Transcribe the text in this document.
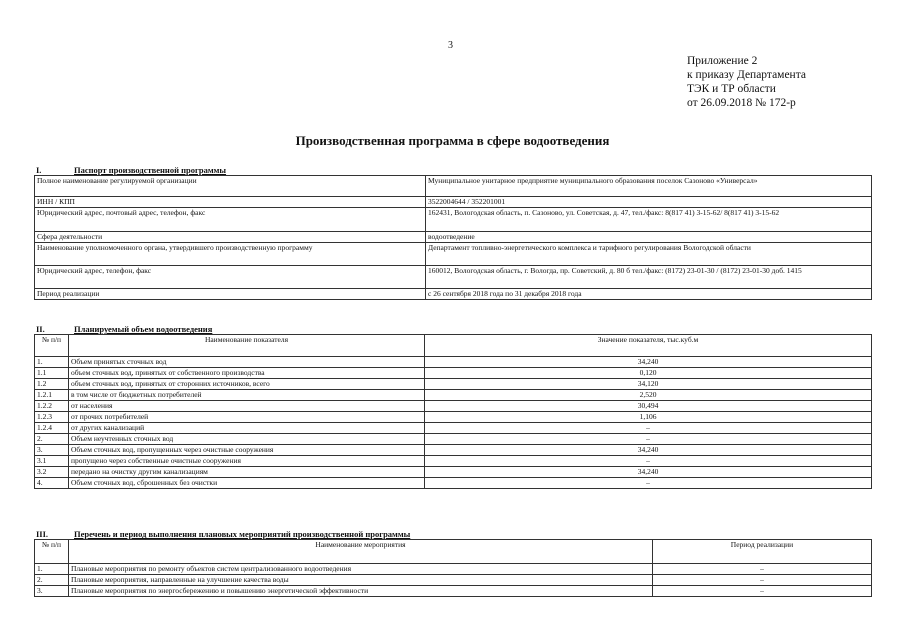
3
Приложение 2
к приказу Департамента
ТЭК и ТР области
от 26.09.2018 № 172-р
Производственная программа в сфере водоотведения
I.	Паспорт производственной программы
Полное наименование регулируемой организации	Муниципальное унитарное предприятие муниципального образования поселок Сазоново «Универсал»
ИНН / КПП	3522004644 / 352201001
Юридический адрес, почтовый адрес, телефон, факс	162431, Вологодская область, п. Сазоново, ул. Советская, д. 47, тел./факс: 8(817 41) 3-15-62/ 8(817 41) 3-15-62
Сфера деятельности	водоотведение
Наименование уполномоченного органа, утвердившего производственную программу	Департамент топливно-энергетического комплекса и тарифного регулирования Вологодской области
Юридический адрес, телефон, факс	160012, Вологодская область, г. Вологда, пр. Советский, д. 80 б тел./факс: (8172) 23-01-30 / (8172) 23-01-30 доб. 1415
Период реализации	с 26 сентября 2018 года по 31 декабря 2018 года
II.	Планируемый объем водоотведения
№ п/п	Наименование показателя	Значение показателя, тыс.куб.м
1.	Объем принятых сточных вод	34,240
1.1	объем сточных вод, принятых от собственного производства	0,120
1.2	объем сточных вод, принятых от сторонних источников, всего	34,120
1.2.1	в том числе от бюджетных потребителей	2,520
1.2.2	от населения	30,494
1.2.3	от прочих потребителей	1,106
1.2.4	от других канализаций	–
2.	Объем неучтенных сточных вод	–
3.	Объем сточных вод, пропущенных через очистные сооружения	34,240
3.1	пропущено через собственные очистные сооружения	–
3.2	передано на очистку другим канализациям	34,240
4.	Объем сточных вод, сброшенных без очистки	–
III.	Перечень и период выполнения плановых мероприятий производственной программы
№ п/п	Наименование мероприятия	Период реализации
1.	Плановые мероприятия по ремонту объектов систем централизованного водоотведения	–
2.	Плановые мероприятия, направленные на улучшение качества воды	–
3.	Плановые мероприятия по энергосбережению и повышению энергетической эффективности	–
